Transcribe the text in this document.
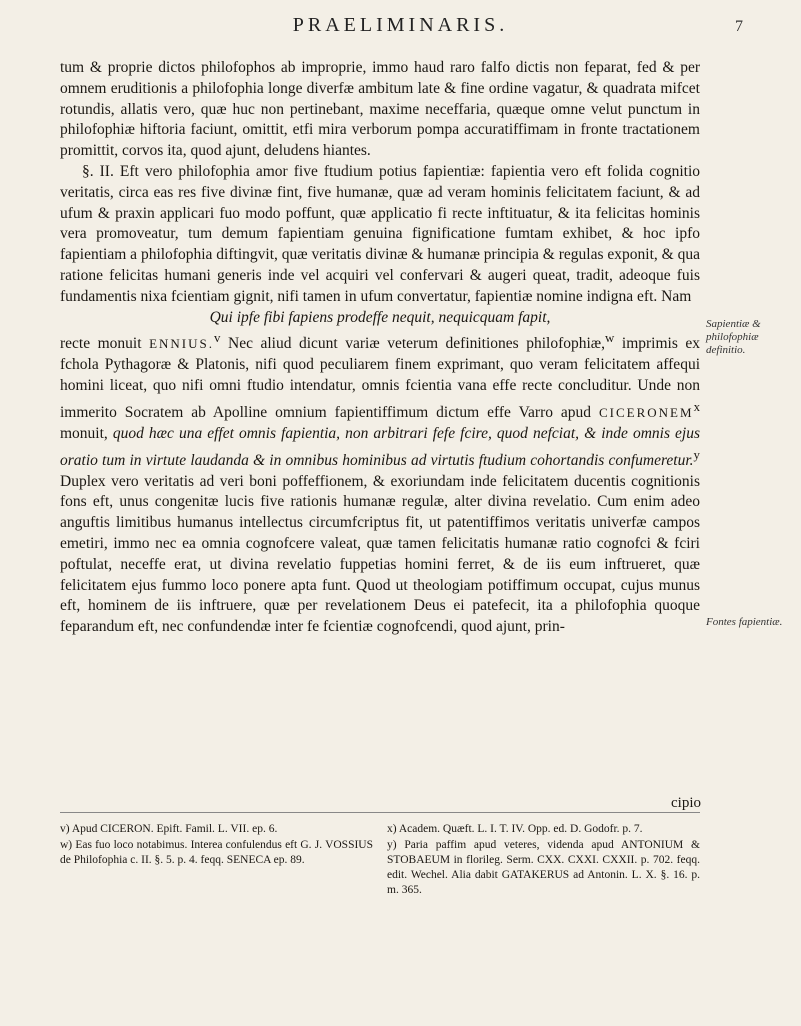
PRAELIMINARIS.	7

tum & proprie dictos philofophos ab improprie, immo haud raro falfo dictis non feparat, fed & per omnem eruditionis a philofophia longe diverfæ ambitum late & fine ordine vagatur, & quadrata mifcet rotundis, allatis vero, quæ huc non pertinebant, maxime neceffaria, quæque omne velut punctum in philofophiæ hiftoria faciunt, omittit, etfi mira verborum pompa accuratiffimam in fronte tractationem promittit, corvos ita, quod ajunt, deludens hiantes.

§. II. Eft vero philofophia amor five ftudium potius fapientiæ: fapientia vero eft folida cognitio veritatis, circa eas res five divinæ fint, five humanæ, quæ ad veram hominis felicitatem faciunt, & ad ufum & praxin applicari fuo modo poffunt, quæ applicatio fi recte inftituatur, & ita felicitas hominis vera promoveatur, tum demum fapientiam genuina fignificatione fumtam exhibet, & hoc ipfo fapientiam a philofophia diftingvit, quæ veritatis divinæ & humanæ principia & regulas exponit, & qua ratione felicitas humani generis inde vel acquiri vel confervari & augeri queat, tradit, adeoque fuis fundamentis nixa fcientiam gignit, nifi tamen in ufum convertatur, fapientiæ nomine indigna eft. Nam

Qui ipfe fibi fapiens prodeffe nequit, nequicquam fapit,

recte monuit ENNIUS.$^v$ Nec aliud dicunt variæ veterum definitiones philofophiæ,$^w$ imprimis ex fchola Pythagoræ & Platonis, nifi quod peculiarem finem exprimant, quo veram felicitatem affequi homini liceat, quo nifi omni ftudio intendatur, omnis fcientia vana effe recte concluditur. Unde non immerito Socratem ab Apolline omnium fapientiffimum dictum effe Varro apud CICERONEM$^x$ monuit, quod hæc una effet omnis fapientia, non arbitrari fefe fcire, quod nefciat, & inde omnis ejus oratio tum in virtute laudanda & in omnibus hominibus ad virtutis ftudium cohortandis confumeretur.$^y$ Duplex vero veritatis ad veri boni poffeffionem, & exoriundam inde felicitatem ducentis cognitionis fons eft, unus congenitæ lucis five rationis humanæ regulæ, alter divina revelatio. Cum enim adeo anguftis limitibus humanus intellectus circumfcriptus fit, ut patentiffimos veritatis univerfæ campos emetiri, immo nec ea omnia cognofcere valeat, quæ tamen felicitatis humanæ ratio cognofci & fciri poftulat, neceffe erat, ut divina revelatio fuppetias homini ferret, & de iis eum inftrueret, quæ felicitatem ejus fummo loco ponere apta funt. Quod ut theologiam potiffimum occupat, cujus munus eft, hominem de iis inftruere, quæ per revelationem Deus ei patefecit, ita a philofophia quoque feparandum eft, nec confundendæ inter fe fcientiæ cognofcendi, quod ajunt, prin-

cipio
Sapientiæ & philofophiæ definitio.
Fontes fapientiæ.

v) Apud CICERON. Epift. Famil. L. VII. ep. 6.

w) Eas fuo loco notabimus. Interea confulendus eft G. J. VOSSIUS de Philofophia c. II. §. 5. p. 4. feqq. SENECA ep. 89.

x) Academ. Quæft. L. I. T. IV. Opp. ed. D. Godofr. p. 7.

y) Paria paffim apud veteres, videnda apud ANTONIUM & STOBAEUM in florileg. Serm. CXX. CXXI. CXXII. p. 702. feqq. edit. Wechel. Alia dabit GATAKERUS ad Antonin. L. X. §. 16. p. m. 365.
